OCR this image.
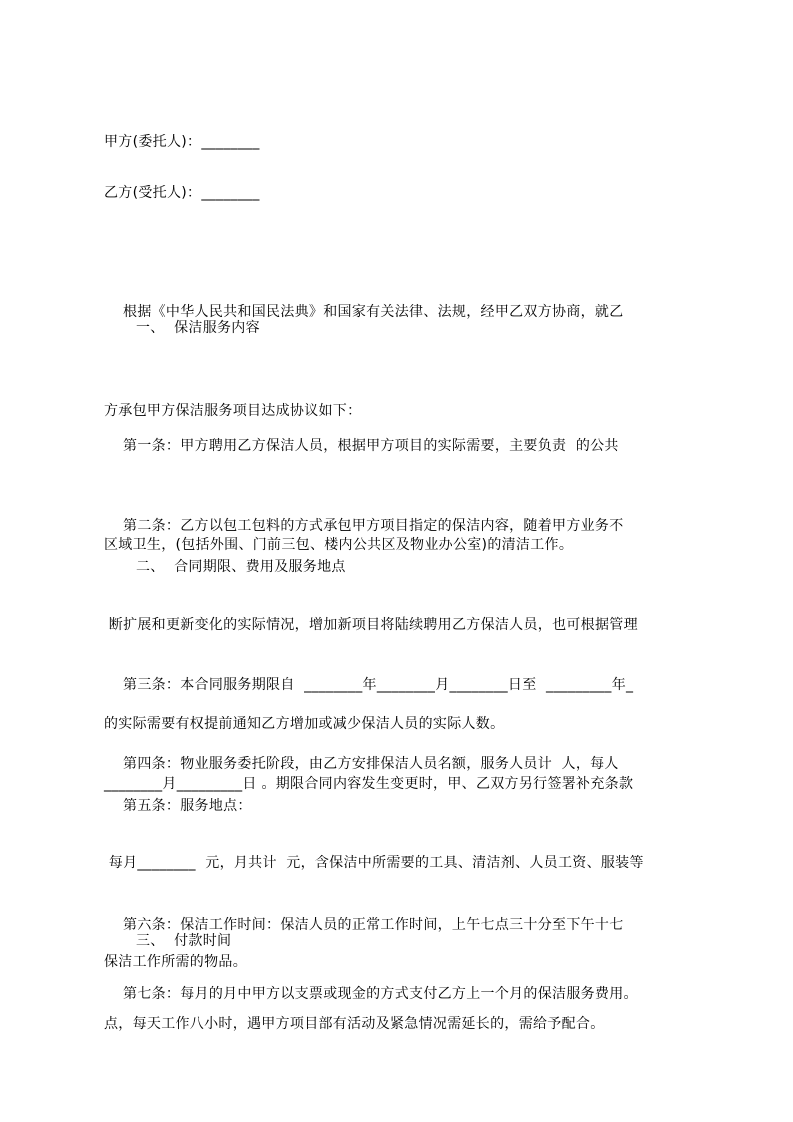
甲方(委托人)：________
乙方(受托人)：________

根据《中华人民共和国民法典》和国家有关法律、法规，经甲乙双方协商，就乙

方承包甲方保洁服务项目达成协议如下：

一、  保洁服务内容

第一条：甲方聘用乙方保洁人员，根据甲方项目的实际需要，主要负责  的公共

区域卫生，(包括外围、门前三包、楼内公共区及物业办公室)的清洁工作。

第二条：乙方以包工包料的方式承包甲方项目指定的保洁内容，随着甲方业务不

断扩展和更新变化的实际情况，增加新项目将陆续聘用乙方保洁人员，也可根据管理

的实际需要有权提前通知乙方增加或减少保洁人员的实际人数。

二、  合同期限、费用及服务地点

第三条：本合同服务期限自  ________年________月________日至  _________年_

________月_________日 。期限合同内容发生变更时，甲、乙双方另行签署补充条款

第四条：物业服务委托阶段，由乙方安排保洁人员名额，服务人员计  人，每人

每月________  元，月共计  元，含保洁中所需要的工具、清洁剂、人员工资、服装等

保洁工作所需的物品。

第五条：服务地点：

第六条：保洁工作时间：保洁人员的正常工作时间，上午七点三十分至下午十七

点，每天工作八小时，遇甲方项目部有活动及紧急情况需延长的，需给予配合。

三、  付款时间
第七条：每月的月中甲方以支票或现金的方式支付乙方上一个月的保洁服务费用。
